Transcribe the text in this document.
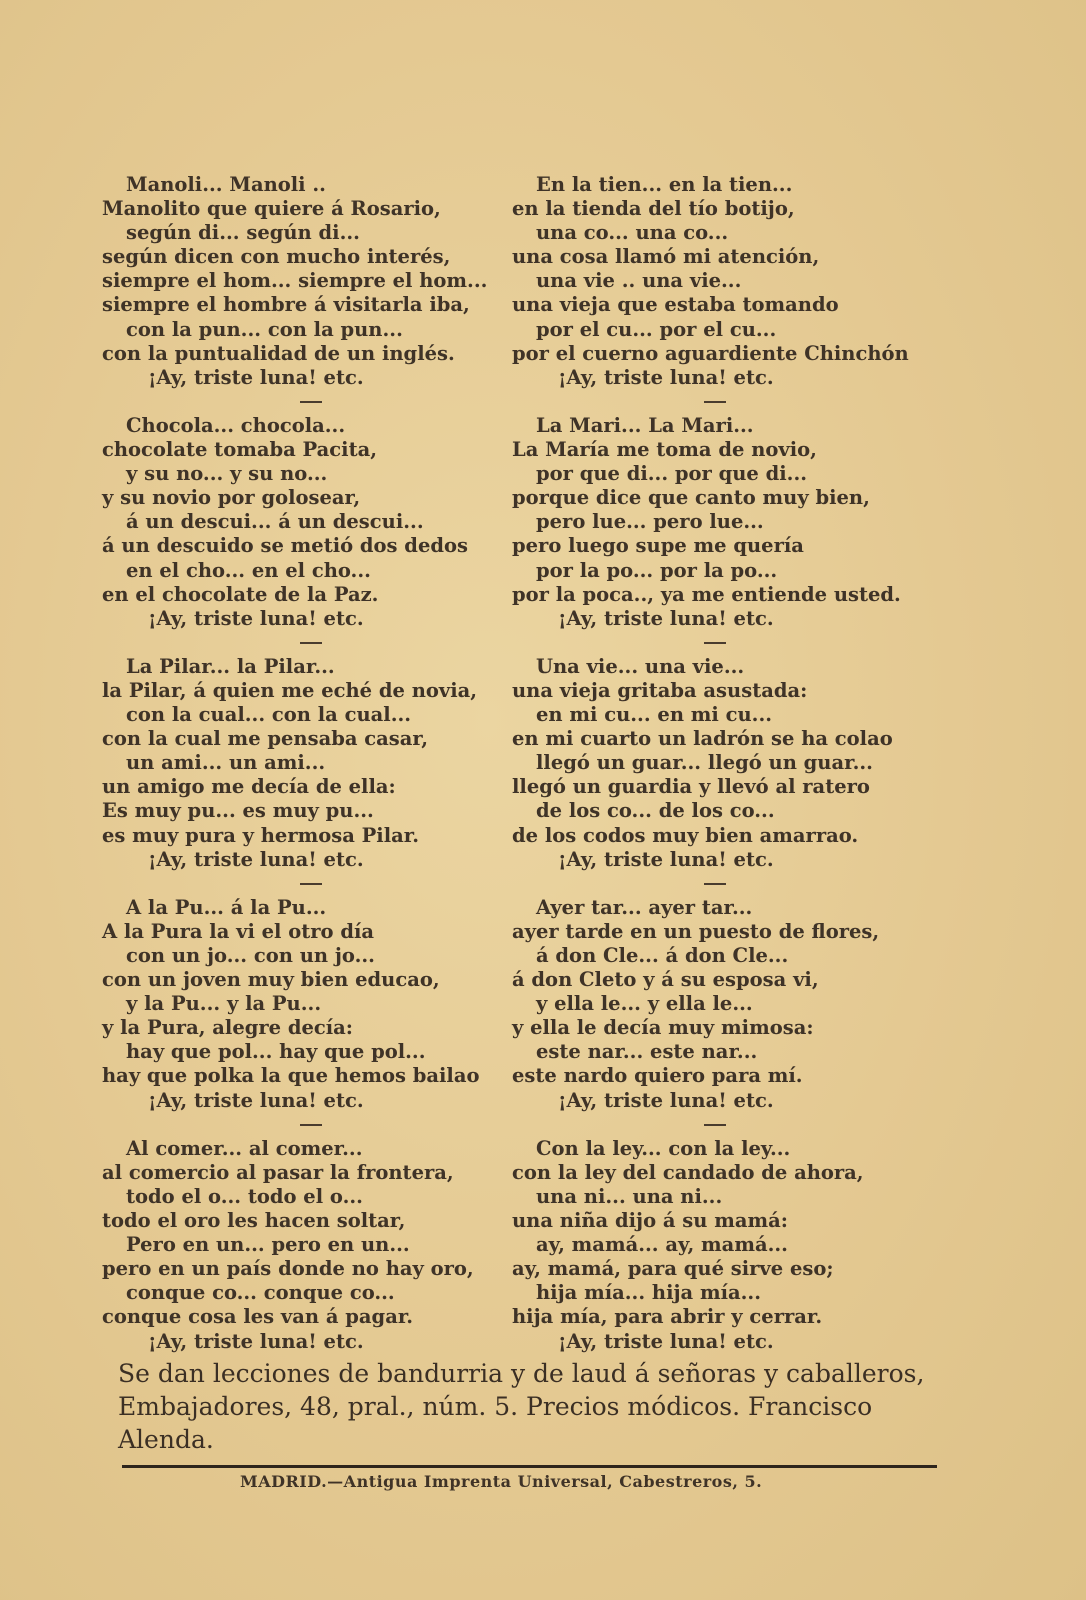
Manoli... Manoli ..
Manolito que quiere á Rosario,
según di... según di...
según dicen con mucho interés,
siempre el hom... siempre el hom...
siempre el hombre á visitarla iba,
con la pun... con la pun...
con la puntualidad de un inglés.
¡Ay, triste luna! etc.
Chocola... chocola...
chocolate tomaba Pacita,
y su no... y su no...
y su novio por golosear,
á un descui... á un descui...
á un descuido se metió dos dedos
en el cho... en el cho...
en el chocolate de la Paz.
¡Ay, triste luna! etc.
La Pilar... la Pilar...
la Pilar, á quien me eché de novia,
con la cual... con la cual...
con la cual me pensaba casar,
un ami... un ami...
un amigo me decía de ella:
Es muy pu... es muy pu...
es muy pura y hermosa Pilar.
¡Ay, triste luna! etc.
A la Pu... á la Pu...
A la Pura la vi el otro día
con un jo... con un jo...
con un joven muy bien educao,
y la Pu... y la Pu...
y la Pura, alegre decía:
hay que pol... hay que pol...
hay que polka la que hemos bailao
¡Ay, triste luna! etc.
Al comer... al comer...
al comercio al pasar la frontera,
todo el o... todo el o...
todo el oro les hacen soltar,
Pero en un... pero en un...
pero en un país donde no hay oro,
conque co... conque co...
conque cosa les van á pagar.
¡Ay, triste luna! etc.
En la tien... en la tien...
en la tienda del tío botijo,
una co... una co...
una cosa llamó mi atención,
una vie .. una vie...
una vieja que estaba tomando
por el cu... por el cu...
por el cuerno aguardiente Chinchón
¡Ay, triste luna! etc.
La Mari... La Mari...
La María me toma de novio,
por que di... por que di...
porque dice que canto muy bien,
pero lue... pero lue...
pero luego supe me quería
por la po... por la po...
por la poca.., ya me entiende usted.
¡Ay, triste luna! etc.
Una vie... una vie...
una vieja gritaba asustada:
en mi cu... en mi cu...
en mi cuarto un ladrón se ha colao
llegó un guar... llegó un guar...
llegó un guardia y llevó al ratero
de los co... de los co...
de los codos muy bien amarrao.
¡Ay, triste luna! etc.
Ayer tar... ayer tar...
ayer tarde en un puesto de flores,
á don Cle... á don Cle...
á don Cleto y á su esposa vi,
y ella le... y ella le...
y ella le decía muy mimosa:
este nar... este nar...
este nardo quiero para mí.
¡Ay, triste luna! etc.
Con la ley... con la ley...
con la ley del candado de ahora,
una ni... una ni...
una niña dijo á su mamá:
ay, mamá... ay, mamá...
ay, mamá, para qué sirve eso;
hija mía... hija mía...
hija mía, para abrir y cerrar.
¡Ay, triste luna! etc.
Se dan lecciones de bandurria y de laud á señoras y caballeros, Embajadores, 48, pral., núm. 5. Precios módicos. Francisco Alenda.
MADRID.—Antigua Imprenta Universal, Cabestreros, 5.
